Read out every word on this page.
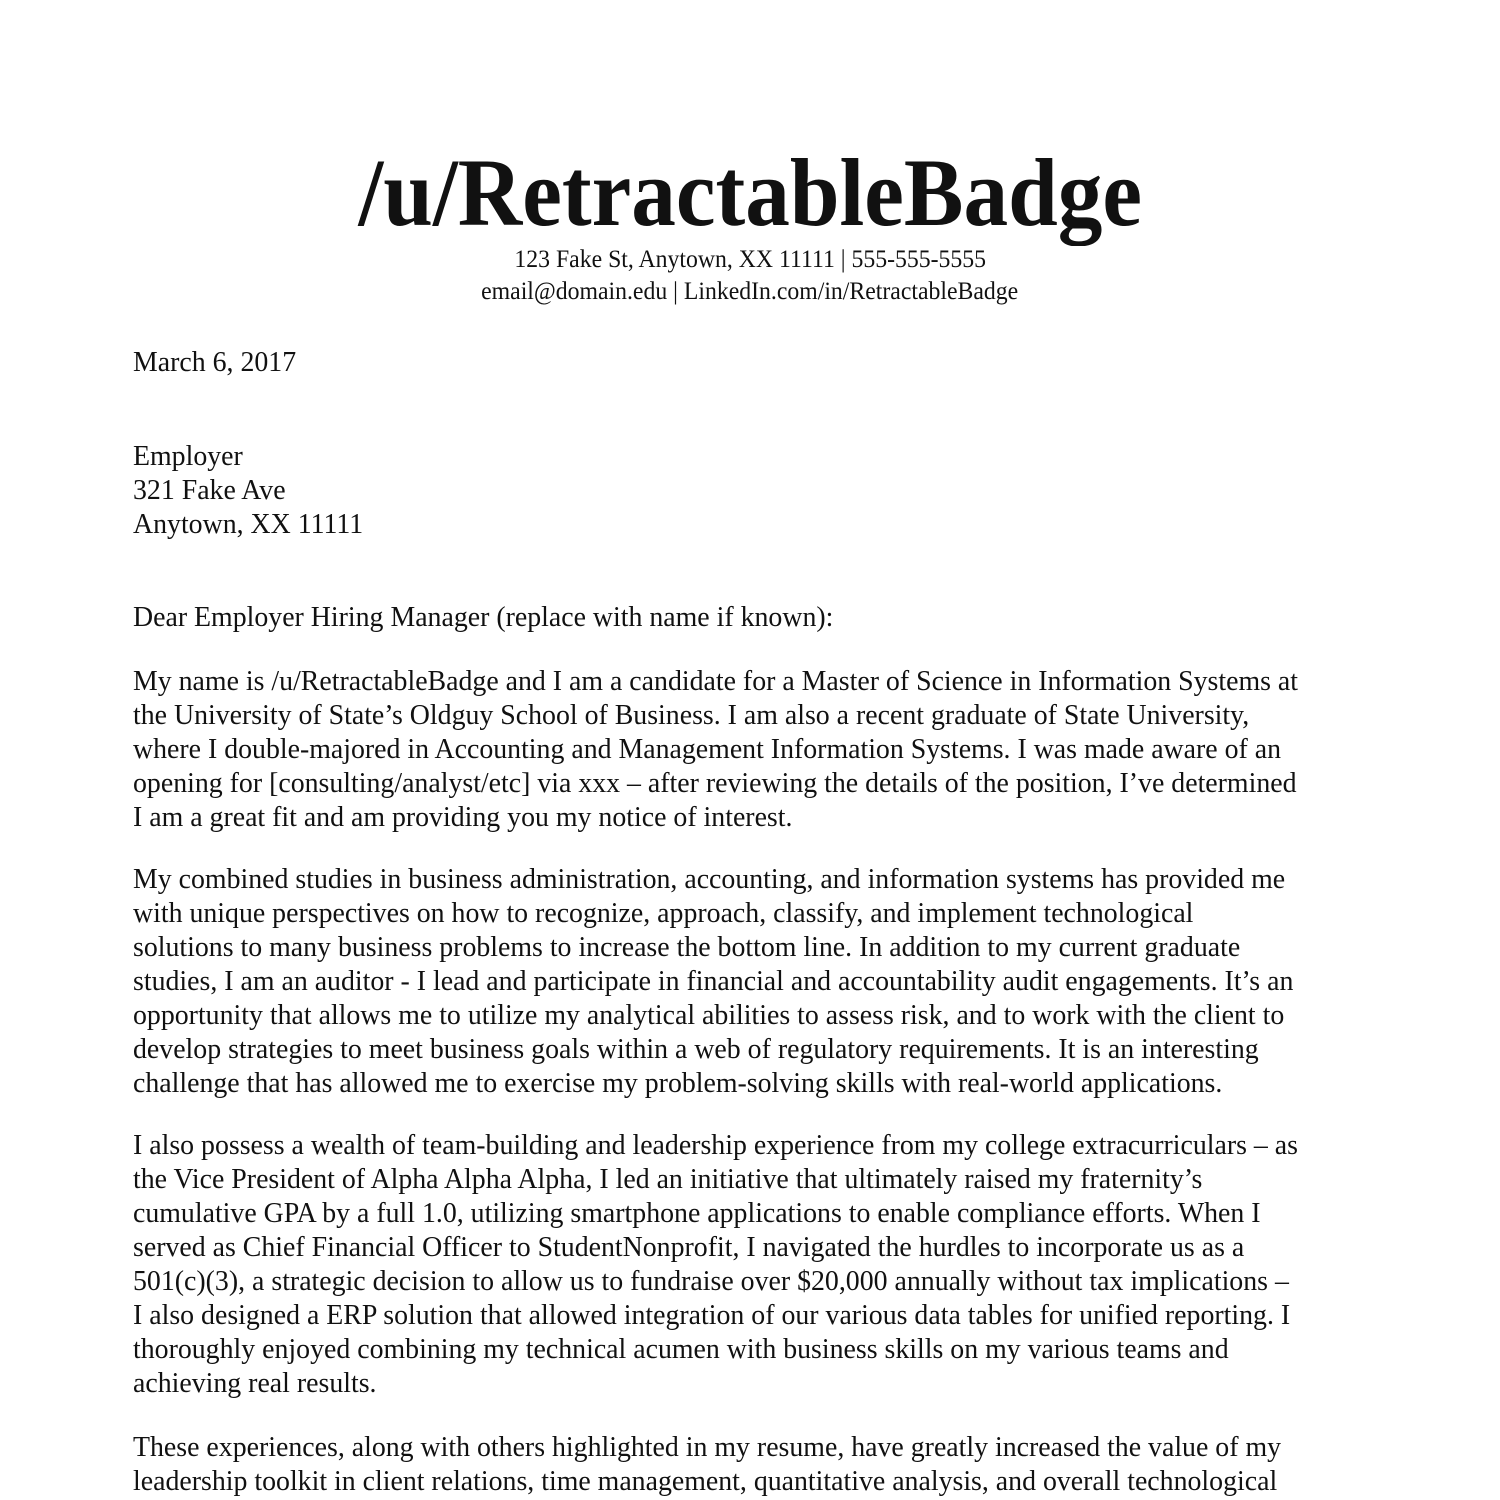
/u/RetractableBadge
123 Fake St, Anytown, XX 11111 | 555-555-5555
email@domain.edu | LinkedIn.com/in/RetractableBadge
March 6, 2017
Employer
321 Fake Ave
Anytown, XX 11111
Dear Employer Hiring Manager (replace with name if known):
My name is /u/RetractableBadge and I am a candidate for a Master of Science in Information Systems at
the University of State’s Oldguy School of Business. I am also a recent graduate of State University,
where I double-majored in Accounting and Management Information Systems. I was made aware of an
opening for [consulting/analyst/etc] via xxx – after reviewing the details of the position, I’ve determined
I am a great fit and am providing you my notice of interest.
My combined studies in business administration, accounting, and information systems has provided me
with unique perspectives on how to recognize, approach, classify, and implement technological
solutions to many business problems to increase the bottom line. In addition to my current graduate
studies, I am an auditor - I lead and participate in financial and accountability audit engagements. It’s an
opportunity that allows me to utilize my analytical abilities to assess risk, and to work with the client to
develop strategies to meet business goals within a web of regulatory requirements. It is an interesting
challenge that has allowed me to exercise my problem-solving skills with real-world applications.
I also possess a wealth of team-building and leadership experience from my college extracurriculars – as
the Vice President of Alpha Alpha Alpha, I led an initiative that ultimately raised my fraternity’s
cumulative GPA by a full 1.0, utilizing smartphone applications to enable compliance efforts. When I
served as Chief Financial Officer to StudentNonprofit, I navigated the hurdles to incorporate us as a
501(c)(3), a strategic decision to allow us to fundraise over $20,000 annually without tax implications –
I also designed a ERP solution that allowed integration of our various data tables for unified reporting. I
thoroughly enjoyed combining my technical acumen with business skills on my various teams and
achieving real results.
These experiences, along with others highlighted in my resume, have greatly increased the value of my
leadership toolkit in client relations, time management, quantitative analysis, and overall technological
